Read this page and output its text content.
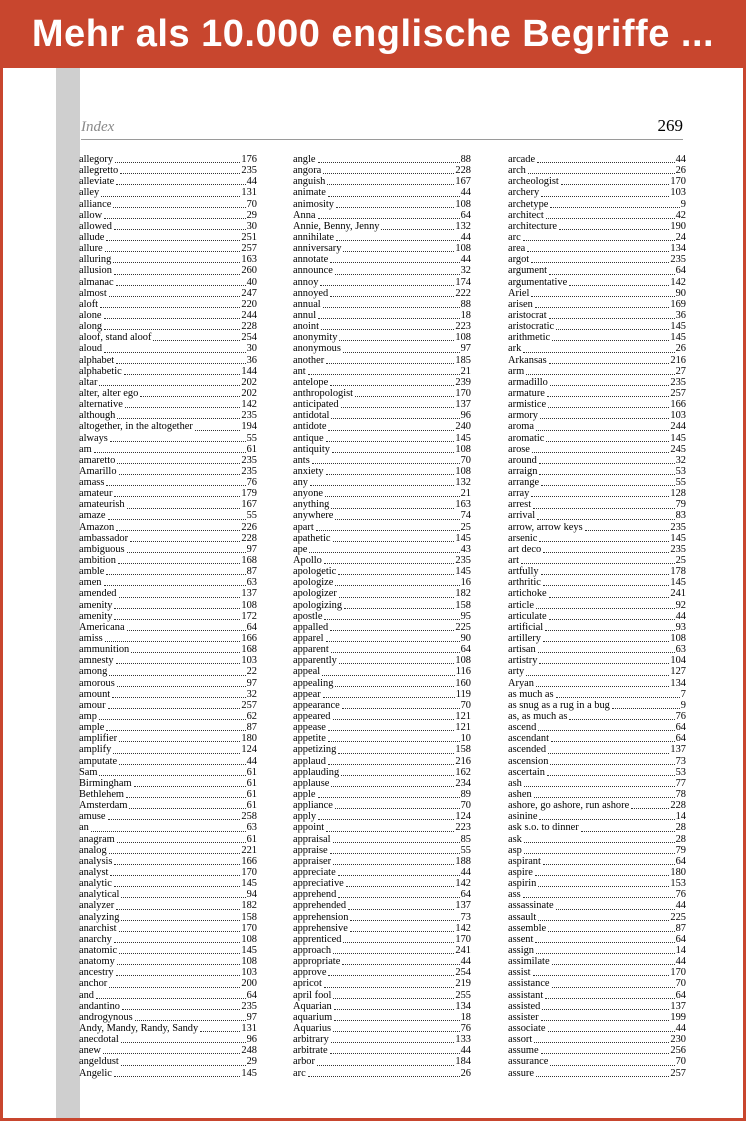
Mehr als 10.000 englische Begriffe ...
Index	269
allegory	176
allegretto	235
alleviate	44
alley	131
alliance	70
allow	29
allowed	30
allude	251
allure	257
alluring	163
allusion	260
almanac	40
almost	247
aloft	220
alone	244
along	228
aloof, stand aloof	254
aloud	30
alphabet	36
alphabetic	144
altar	202
alter, alter ego	202
alternative	142
although	235
altogether, in the altogether	194
always	55
am	61
amaretto	235
Amarillo	235
amass	76
amateur	179
amateurish	167
amaze	55
Amazon	226
ambassador	228
ambiguous	97
ambition	168
amble	87
amen	63
amended	137
amenity	108
amenity	172
Americana	64
amiss	166
ammunition	168
amnesty	103
among	22
amorous	97
amount	32
amour	257
amp	62
ample	87
amplifier	180
amplify	124
amputate	44
Sam	61
Birmingham	61
Bethlehem	61
Amsterdam	61
amuse	258
an	63
anagram	61
analog	221
analysis	166
analyst	170
analytic	145
analytical	94
analyzer	182
analyzing	158
anarchist	170
anarchy	108
anatomic	145
anatomy	108
ancestry	103
anchor	200
and	64
andantino	235
androgynous	97
Andy, Mandy, Randy, Sandy	131
anecdotal	96
anew	248
angeldust	29
Angelic	145
angle	88
angora	228
anguish	167
animate	44
animosity	108
Anna	64
Annie, Benny, Jenny	132
annihilate	44
anniversary	108
annotate	44
announce	32
annoy	174
annoyed	222
annual	88
annul	18
anoint	223
anonymity	108
anonymous	97
another	185
ant	21
antelope	239
anthropologist	170
anticipated	137
antidotal	96
antidote	240
antique	145
antiquity	108
ants	70
anxiety	108
any	132
anyone	21
anything	163
anywhere	74
apart	25
apathetic	145
ape	43
Apollo	235
apologetic	145
apologize	16
apologizer	182
apologizing	158
apostle	95
appalled	225
apparel	90
apparent	64
apparently	108
appeal	116
appealing	160
appear	119
appearance	70
appeared	121
appease	121
appetite	10
appetizing	158
applaud	216
applauding	162
applause	234
apple	89
appliance	70
apply	124
appoint	223
appraisal	85
appraise	55
appraiser	188
appreciate	44
appreciative	142
apprehend	64
apprehended	137
apprehension	73
apprehensive	142
apprenticed	170
approach	241
appropriate	44
approve	254
apricot	219
april fool	255
Aquarian	134
aquarium	18
Aquarius	76
arbitrary	133
arbitrate	44
arbor	184
arc	26
arcade	44
arch	26
archeologist	170
archery	103
archetype	9
architect	42
architecture	190
arc	24
area	134
argot	235
argument	64
argumentative	142
Ariel	90
arisen	169
aristocrat	36
aristocratic	145
arithmetic	145
ark	26
Arkansas	216
arm	27
armadillo	235
armature	257
armistice	166
armory	103
aroma	244
aromatic	145
arose	245
around	32
arraign	53
arrange	55
array	128
arrest	79
arrival	83
arrow, arrow keys	235
arsenic	145
art deco	235
art	25
artfully	178
arthritic	145
artichoke	241
article	92
articulate	44
artificial	93
artillery	108
artisan	63
artistry	104
arty	127
Aryan	134
as much as	7
as snug as a rug in a bug	9
as, as much as	76
ascend	64
ascendant	64
ascended	137
ascension	73
ascertain	53
ash	77
ashen	78
ashore, go ashore, run ashore	228
asinine	14
ask s.o. to dinner	28
ask	28
asp	79
aspirant	64
aspire	180
aspirin	153
ass	76
assassinate	44
assault	225
assemble	87
assent	64
assign	14
assimilate	44
assist	170
assistance	70
assistant	64
assisted	137
assister	199
associate	44
assort	230
assume	256
assurance	70
assure	257
